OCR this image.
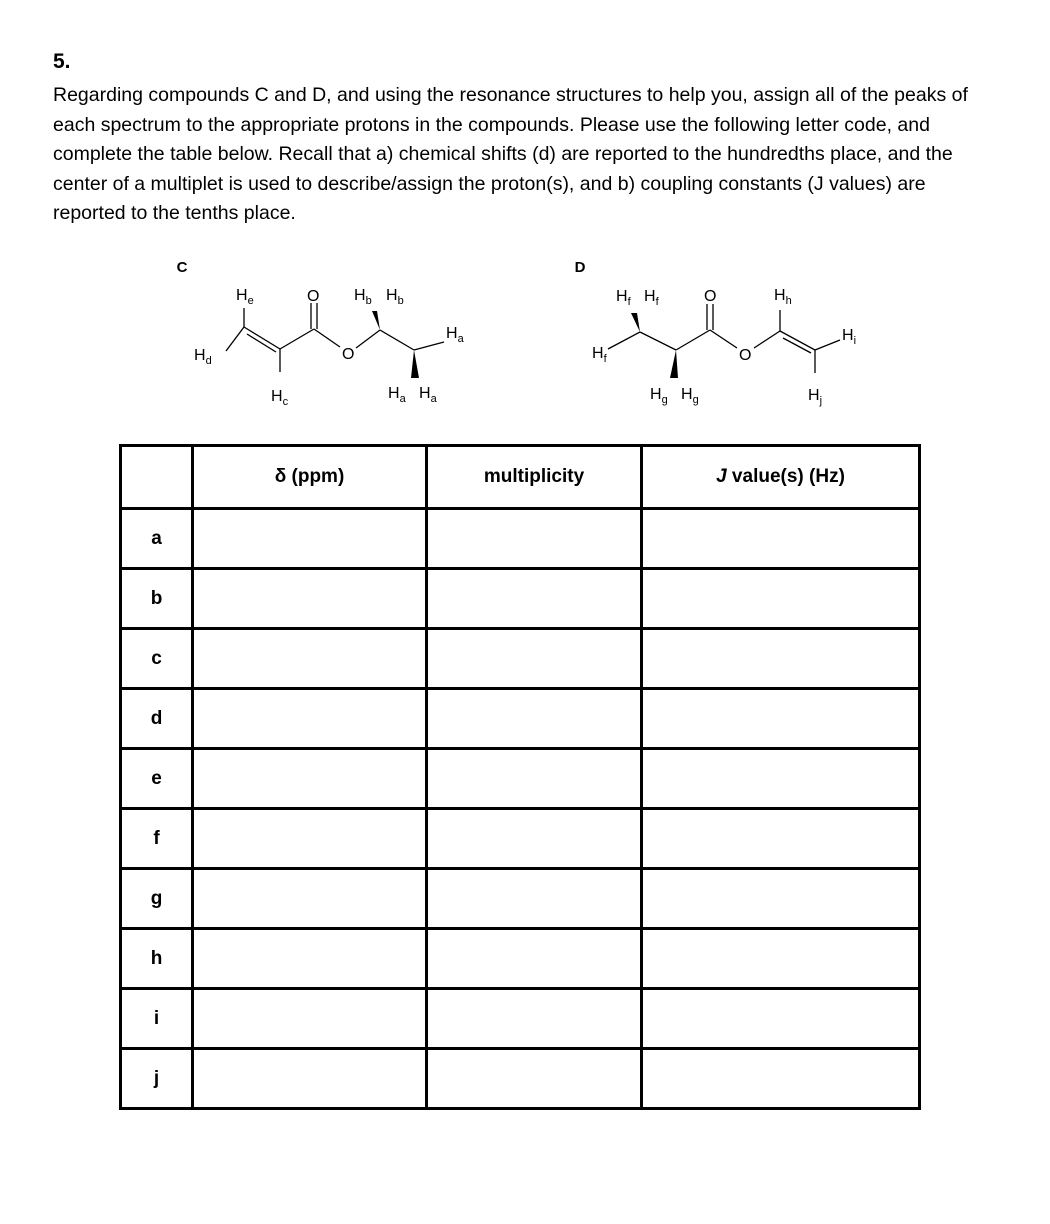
5.
Regarding compounds C and D, and using the resonance structures to help you, assign all of the peaks of each spectrum to the appropriate protons in the compounds. Please use the following letter code, and complete the table below. Recall that a) chemical shifts (d) are reported to the hundredths place, and the center of a multiplet is used to describe/assign the proton(s), and b) coupling constants (J values) are reported to the tenths place.
C
$H_e$
$H_d$
$H_c$
O
O
$H_b$ $H_b$
$H_a$
$H_a$ $H_a$
D
$H_f$ $H_f$
$H_f$
$H_g$ $H_g$
O
O
$H_h$
$H_i$
$H_j$
	δ (ppm)	multiplicity	J value(s) (Hz)
a			
b			
c			
d			
e			
f			
g			
h			
i			
j			
